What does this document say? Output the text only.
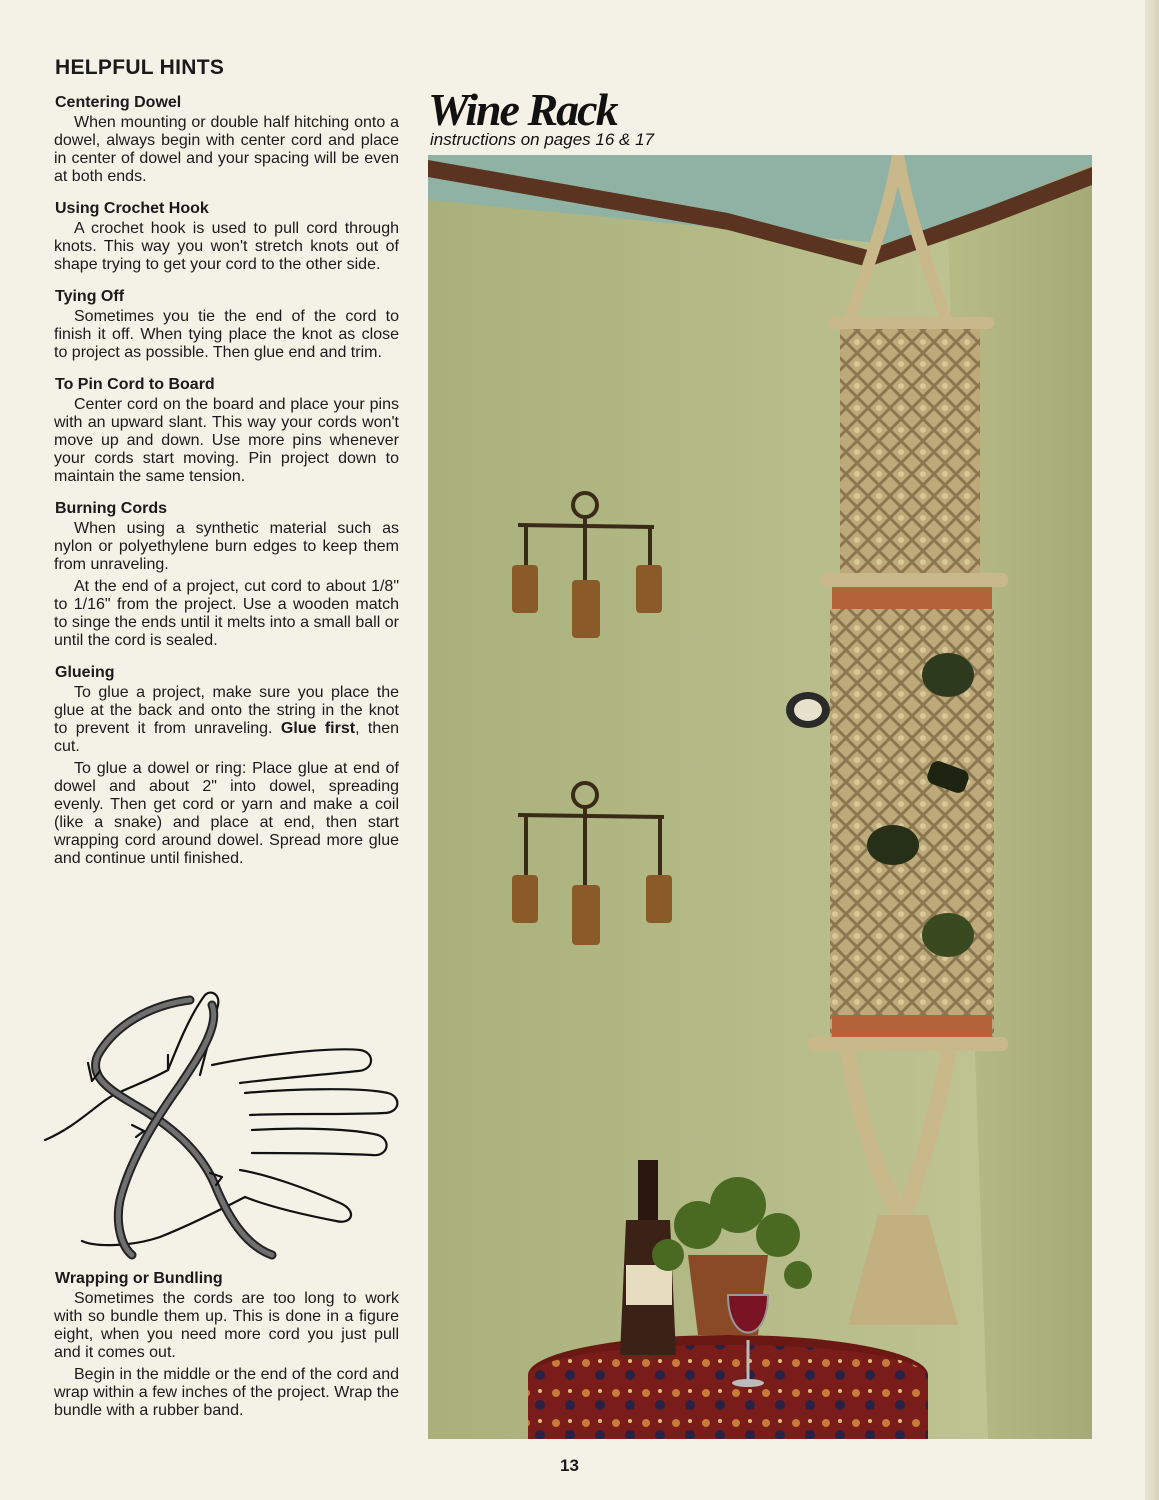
HELPFUL HINTS
Centering Dowel

When mounting or double half hitching onto a dowel, always begin with center cord and place in center of dowel and your spacing will be even at both ends.

Using Crochet Hook

A crochet hook is used to pull cord through knots. This way you won't stretch knots out of shape trying to get your cord to the other side.

Tying Off

Sometimes you tie the end of the cord to finish it off. When tying place the knot as close to project as possible. Then glue end and trim.

To Pin Cord to Board

Center cord on the board and place your pins with an upward slant. This way your cords won't move up and down. Use more pins whenever your cords start moving. Pin project down to maintain the same tension.

Burning Cords

When using a synthetic material such as nylon or polyethylene burn edges to keep them from unraveling.

At the end of a project, cut cord to about 1/8" to 1/16" from the project. Use a wooden match to singe the ends until it melts into a small ball or until the cord is sealed.

Glueing

To glue a project, make sure you place the glue at the back and onto the string in the knot to prevent it from unraveling. Glue first, then cut.

To glue a dowel or ring: Place glue at end of dowel and about 2" into dowel, spreading evenly. Then get cord or yarn and make a coil (like a snake) and place at end, then start wrapping cord around dowel. Spread more glue and continue until finished.

Wrapping or Bundling

Sometimes the cords are too long to work with so bundle them up. This is done in a figure eight, when you need more cord you just pull and it comes out.

Begin in the middle or the end of the cord and wrap within a few inches of the project. Wrap the bundle with a rubber band.

Wine Rack
instructions on pages 16 & 17
13
